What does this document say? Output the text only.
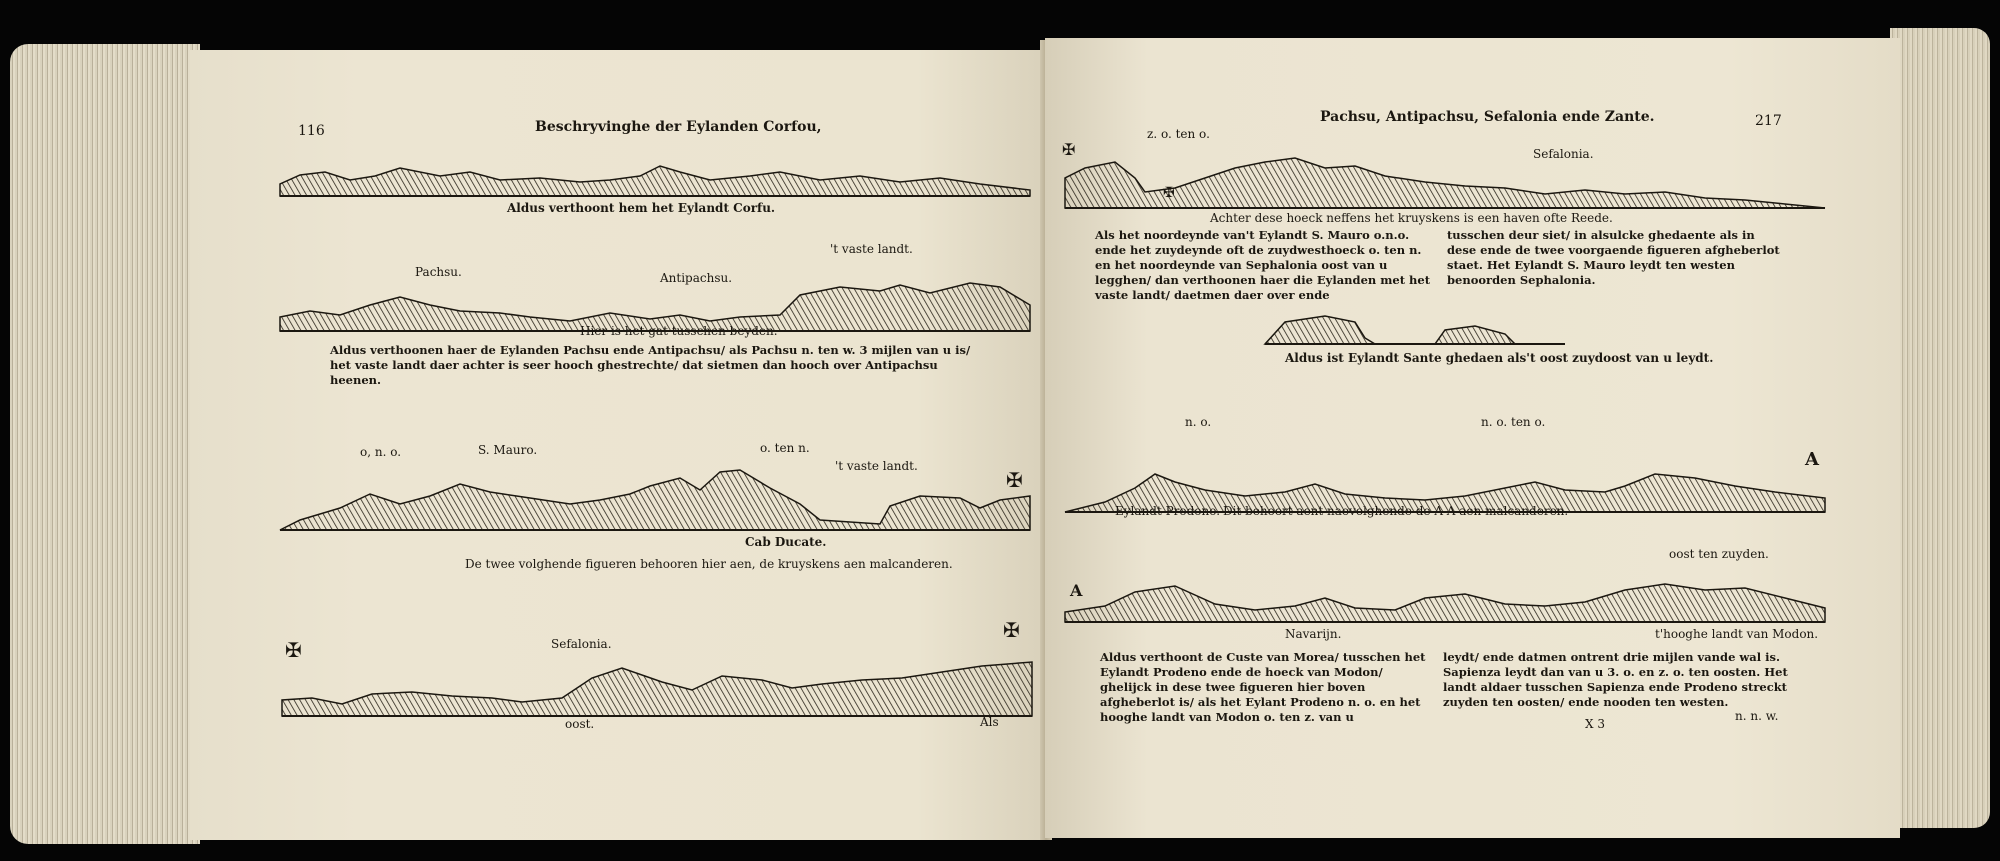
116	Beschryvinghe der Eylanden Corfou,
Aldus verthoont hem het Eylandt Corfu.
Pachsu.	Antipachsu.
't vaste landt.
Hier is het gat tusschen beyden.
Aldus verthoonen haer de Eylanden Pachsu ende Antipachsu/ als Pachsu n. ten w. 3 mijlen van u is/ het vaste landt daer achter is seer hooch ghestrechte/ dat sietmen dan hooch over Antipachsu heenen.
o, n. o.	S. Mauro.	o. ten n.
't vaste landt.
✠
Cab Ducate.
De twee volghende figueren behooren hier aen, de kruyskens aen malcanderen.
✠
✠
Sefalonia.
oost.	Als
Pachsu, Antipachsu, Sefalonia ende Zante.	217
z. o. ten o.
Sefalonia.
✠
✠
Achter dese hoeck neffens het kruyskens is een haven ofte Reede.
Als het noordeynde van't Eylandt S. Mauro o.n.o. ende het zuydeynde oft de zuydwesthoeck o. ten n. en het noordeynde van Sephalonia oost van u legghen/ dan verthoonen haer die Eylanden met het vaste landt/ daetmen daer over ende
tusschen deur siet/ in alsulcke ghedaente als in dese ende de twee voorgaende figueren afgheberlot staet. Het Eylandt S. Mauro leydt ten westen benoorden Sephalonia.
Aldus ist Eylandt Sante ghedaen als't oost zuydoost van u leydt.
n. o.	n. o. ten o.
A
Eylandt Prodono. Dit behoort aent naevolghende de A A aen malcanderen.
oost ten zuyden.
A
Navarijn.	t'hooghe landt van Modon.
Aldus verthoont de Custe van Morea/ tusschen het Eylandt Prodeno ende de hoeck van Modon/ ghelijck in dese twee figueren hier boven afgheberlot is/ als het Eylant Prodeno n. o. en het hooghe landt van Modon o. ten z. van u
leydt/ ende datmen ontrent drie mijlen vande wal is. Sapienza leydt dan van u 3. o. en z. o. ten oosten. Het landt aldaer tusschen Sapienza ende Prodeno streckt zuyden ten oosten/ ende nooden ten westen.
X 3
n. n. w.
